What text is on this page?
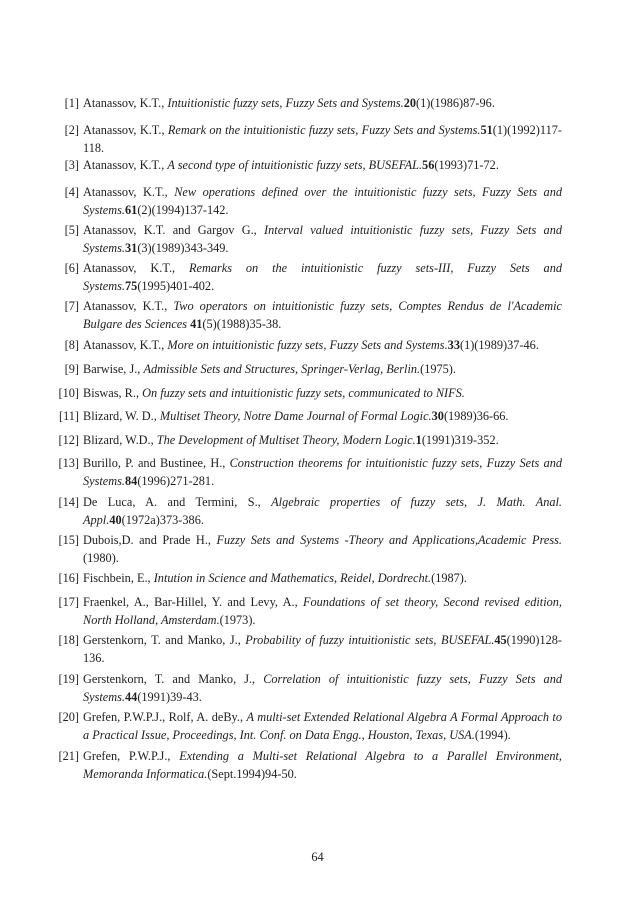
[1] Atanassov, K.T., Intuitionistic fuzzy sets, Fuzzy Sets and Systems.20(1)(1986)87-96.
[2] Atanassov, K.T., Remark on the intuitionistic fuzzy sets, Fuzzy Sets and Systems.51(1)(1992)117-118.
[3] Atanassov, K.T., A second type of intuitionistic fuzzy sets, BUSEFAL.56(1993)71-72.
[4] Atanassov, K.T., New operations defined over the intuitionistic fuzzy sets, Fuzzy Sets and Systems.61(2)(1994)137-142.
[5] Atanassov, K.T. and Gargov G., Interval valued intuitionistic fuzzy sets, Fuzzy Sets and Systems.31(3)(1989)343-349.
[6] Atanassov, K.T., Remarks on the intuitionistic fuzzy sets-III, Fuzzy Sets and Systems.75(1995)401-402.
[7] Atanassov, K.T., Two operators on intuitionistic fuzzy sets, Comptes Rendus de l'Academic Bulgare des Sciences 41(5)(1988)35-38.
[8] Atanassov, K.T., More on intuitionistic fuzzy sets, Fuzzy Sets and Systems.33(1)(1989)37-46.
[9] Barwise, J., Admissible Sets and Structures, Springer-Verlag, Berlin.(1975).
[10] Biswas, R., On fuzzy sets and intuitionistic fuzzy sets, communicated to NIFS.
[11] Blizard, W. D., Multiset Theory, Notre Dame Journal of Formal Logic.30(1989)36-66.
[12] Blizard, W.D., The Development of Multiset Theory, Modern Logic.1(1991)319-352.
[13] Burillo, P. and Bustinee, H., Construction theorems for intuitionistic fuzzy sets, Fuzzy Sets and Systems.84(1996)271-281.
[14] De Luca, A. and Termini, S., Algebraic properties of fuzzy sets, J. Math. Anal. Appl.40(1972a)373-386.
[15] Dubois,D. and Prade H., Fuzzy Sets and Systems -Theory and Applications,Academic Press.(1980).
[16] Fischbein, E., Intution in Science and Mathematics, Reidel, Dordrecht.(1987).
[17] Fraenkel, A., Bar-Hillel, Y. and Levy, A., Foundations of set theory, Second revised edition, North Holland, Amsterdam.(1973).
[18] Gerstenkorn, T. and Manko, J., Probability of fuzzy intuitionistic sets, BUSEFAL.45(1990)128-136.
[19] Gerstenkorn, T. and Manko, J., Correlation of intuitionistic fuzzy sets, Fuzzy Sets and Systems.44(1991)39-43.
[20] Grefen, P.W.P.J., Rolf, A. deBy., A multi-set Extended Relational Algebra A Formal Approach to a Practical Issue, Proceedings, Int. Conf. on Data Engg., Houston, Texas, USA.(1994).
[21] Grefen, P.W.P.J., Extending a Multi-set Relational Algebra to a Parallel Environment, Memoranda Informatica.(Sept.1994)94-50.
64
